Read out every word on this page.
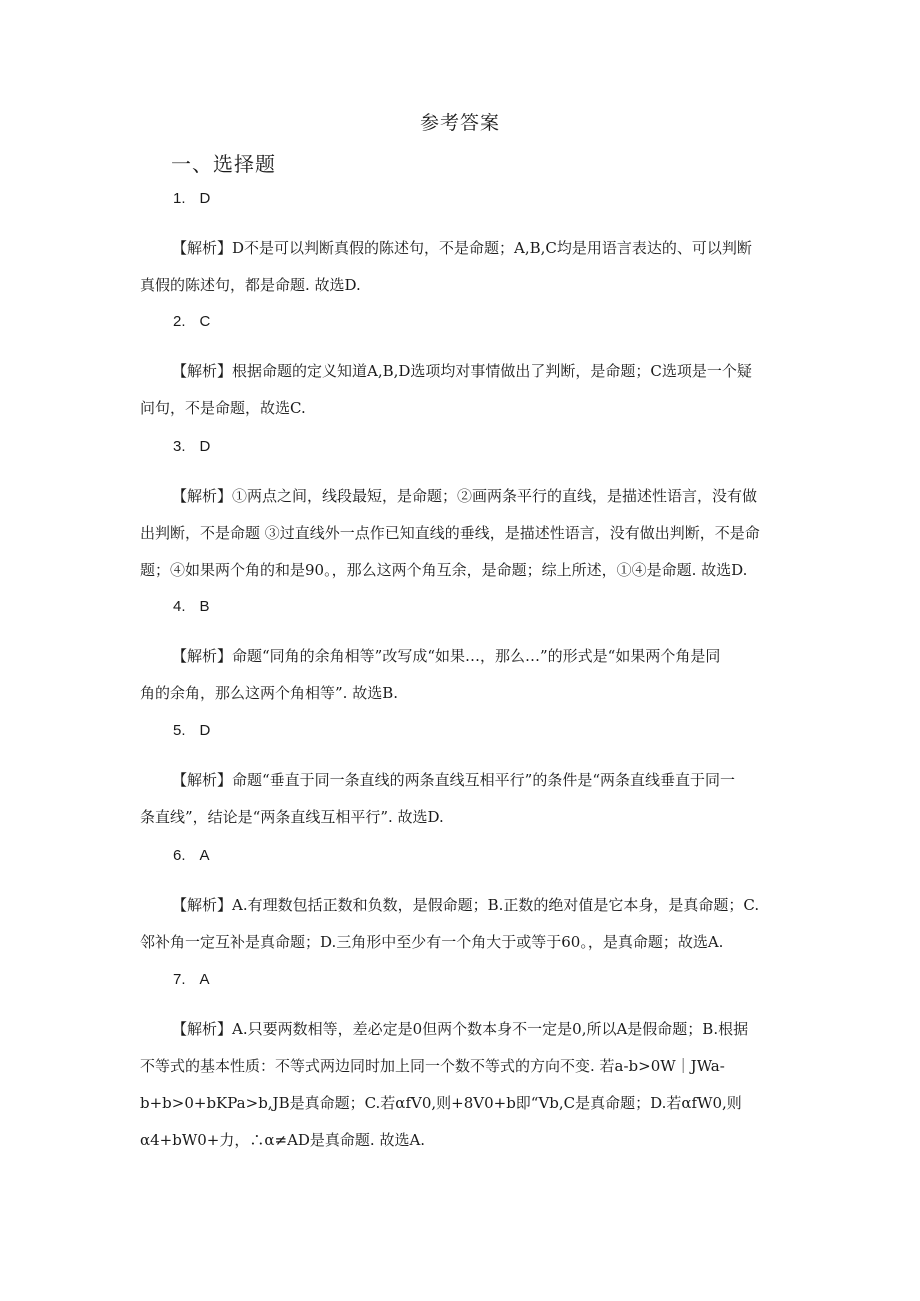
参考答案
一、选择题
1. D

【解析】D不是可以判断真假的陈述句，不是命题；A,B,C均是用语言表达的、可以判断

真假的陈述句，都是命题. 故选D.

2. C

【解析】根据命题的定义知道A,B,D选项均对事情做出了判断，是命题；C选项是一个疑

问句，不是命题，故选C.

3. D

【解析】①两点之间，线段最短，是命题；②画两条平行的直线，是描述性语言，没有做

出判断，不是命题 ③过直线外一点作已知直线的垂线，是描述性语言，没有做出判断，不是命

题；④如果两个角的和是90。，那么这两个角互余，是命题；综上所述，①④是命题. 故选D.

4. B

【解析】命题“同角的余角相等”改写成“如果…，那么…”的形式是“如果两个角是同

角的余角，那么这两个角相等”. 故选B.

5. D

【解析】命题“垂直于同一条直线的两条直线互相平行”的条件是“两条直线垂直于同一

条直线”，结论是“两条直线互相平行”. 故选D.

6. A

【解析】A.有理数包括正数和负数，是假命题；B.正数的绝对值是它本身，是真命题；C.

邻补角一定互补是真命题；D.三角形中至少有一个角大于或等于60。，是真命题；故选A.

7. A

【解析】A.只要两数相等，差必定是0但两个数本身不一定是0,所以A是假命题；B.根据

不等式的基本性质：不等式两边同时加上同一个数不等式的方向不变. 若a-b>0W｜JWa-

b+b>0+bKPa>b,JB是真命题；C.若αfV0,则+8V0+b即“Vb,C是真命题；D.若αfW0,则

α4+bW0+力，∴α≠AD是真命题. 故选A.
